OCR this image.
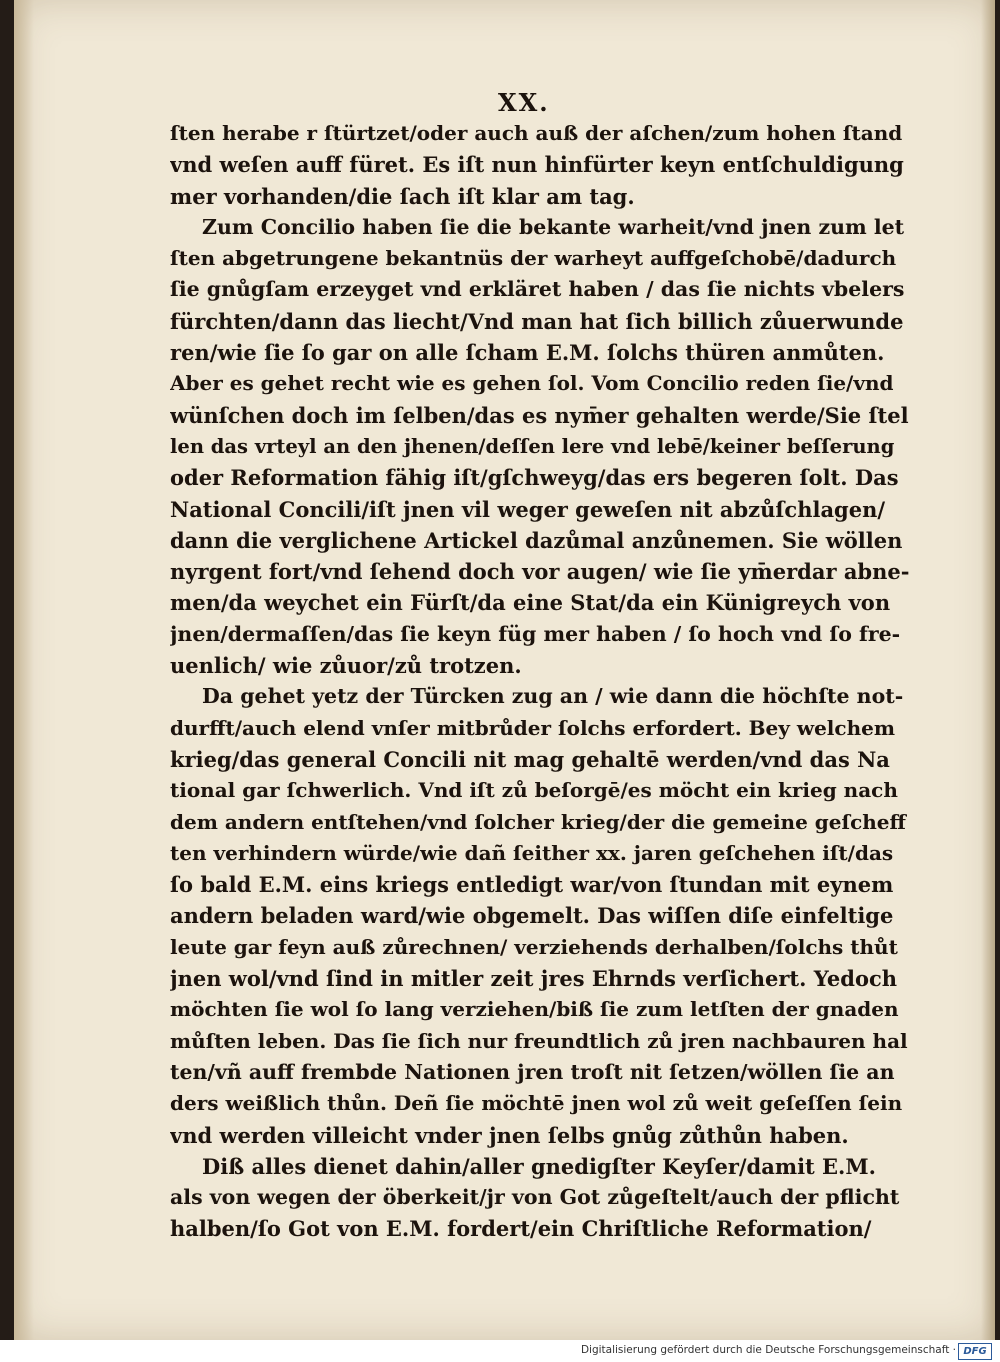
XX.
ſten herabe r ſtürtzet/oder auch auß der aſchen/zum hohen ſtand
vnd weſen auff füret. Es iſt nun hinfürter keyn entſchuldigung
mer vorhanden/die ſach iſt klar am tag.
Zum Concilio haben ſie die bekante warheit/vnd jnen zum let
ſten abgetrungene bekantnüs der warheyt auffgeſchobē/dadurch
ſie gnůgſam erzeyget vnd erkläret haben / das ſie nichts vbelers
fürchten/dann das liecht/Vnd man hat ſich billich zůuerwunde
ren/wie ſie ſo gar on alle ſcham E.M. ſolchs thüren anmůten.
Aber es gehet recht wie es gehen ſol. Vom Concilio reden ſie/vnd
wünſchen doch im ſelben/das es nym̄er gehalten werde/Sie ſtel
len das vrteyl an den jhenen/deſſen lere vnd lebē/keiner beſſerung
oder Reformation fähig iſt/gſchweyg/das ers begeren ſolt. Das
National Concili/iſt jnen vil weger geweſen nit abzůſchlagen/
dann die verglichene Artickel dazůmal anzůnemen. Sie wöllen
nyrgent fort/vnd ſehend doch vor augen/ wie ſie ym̄erdar abne-
men/da weychet ein Fürſt/da eine Stat/da ein Künigreych von
jnen/dermaſſen/das ſie keyn füg mer haben / ſo hoch vnd ſo fre-
uenlich/ wie zůuor/zů trotzen.
Da gehet yetz der Türcken zug an / wie dann die höchſte not-
durfft/auch elend vnſer mitbrůder ſolchs erfordert. Bey welchem
krieg/das general Concili nit mag gehaltē werden/vnd das Na
tional gar ſchwerlich. Vnd iſt zů beſorgē/es möcht ein krieg nach
dem andern entſtehen/vnd ſolcher krieg/der die gemeine geſcheff
ten verhindern würde/wie dañ ſeither xx. jaren geſchehen iſt/das
ſo bald E.M. eins kriegs entledigt war/von ſtundan mit eynem
andern beladen ward/wie obgemelt. Das wiſſen diſe einfeltige
leute gar feyn auß zůrechnen/ verziehends derhalben/ſolchs thůt
jnen wol/vnd ſind in mitler zeit jres Ehrnds verſichert. Yedoch
möchten ſie wol ſo lang verziehen/biß ſie zum letſten der gnaden
můſten leben. Das ſie ſich nur freundtlich zů jren nachbauren hal
ten/vñ auff frembde Nationen jren troſt nit ſetzen/wöllen ſie an
ders weißlich thůn. Deñ ſie möchtē jnen wol zů weit geſeſſen ſein
vnd werden villeicht vnder jnen ſelbs gnůg zůthůn haben.
Diß alles dienet dahin/aller gnedigſter Keyſer/damit E.M.
als von wegen der öberkeit/jr von Got zůgeſtelt/auch der pflicht
halben/ſo Got von E.M. fordert/ein Chriſtliche Reformation/
Digitalisierung gefördert durch die Deutsche Forschungsgemeinschaft · DFG
